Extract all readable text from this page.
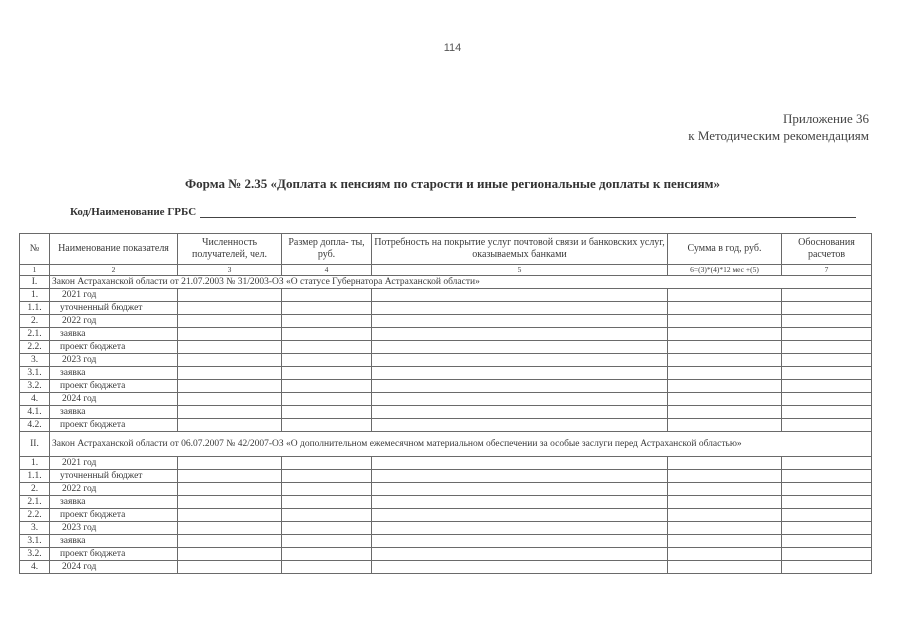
114
Приложение 36
к Методическим рекомендациям
Форма № 2.35 «Доплата к пенсиям по старости и иные региональные доплаты к пенсиям»
Код/Наименование ГРБС
№	Наименование показателя	Численность получателей, чел.	Размер допла- ты, руб.	Потребность на покрытие услуг почтовой связи и банковских услуг, оказываемых банками	Сумма в год, руб.	Обоснования расчетов
1	2	3	4	5	6=(3)*(4)*12 мес +(5)	7
I.	Закон Астраханской области от 21.07.2003 № 31/2003-ОЗ «О статусе Губернатора Астраханской области»					
1.	2021 год					
1.1.	уточненный бюджет					
2.	2022 год					
2.1.	заявка					
2.2.	проект бюджета					
3.	2023 год					
3.1.	заявка					
3.2.	проект бюджета					
4.	2024 год					
4.1.	заявка					
4.2.	проект бюджета					
II.	Закон Астраханской области от 06.07.2007 № 42/2007-ОЗ «О дополнительном ежемесячном материальном обеспечении за особые заслуги перед Астраханской областью»					
1.	2021 год					
1.1.	уточненный бюджет					
2.	2022 год					
2.1.	заявка					
2.2.	проект бюджета					
3.	2023 год					
3.1.	заявка					
3.2.	проект бюджета					
4.	2024 год					
